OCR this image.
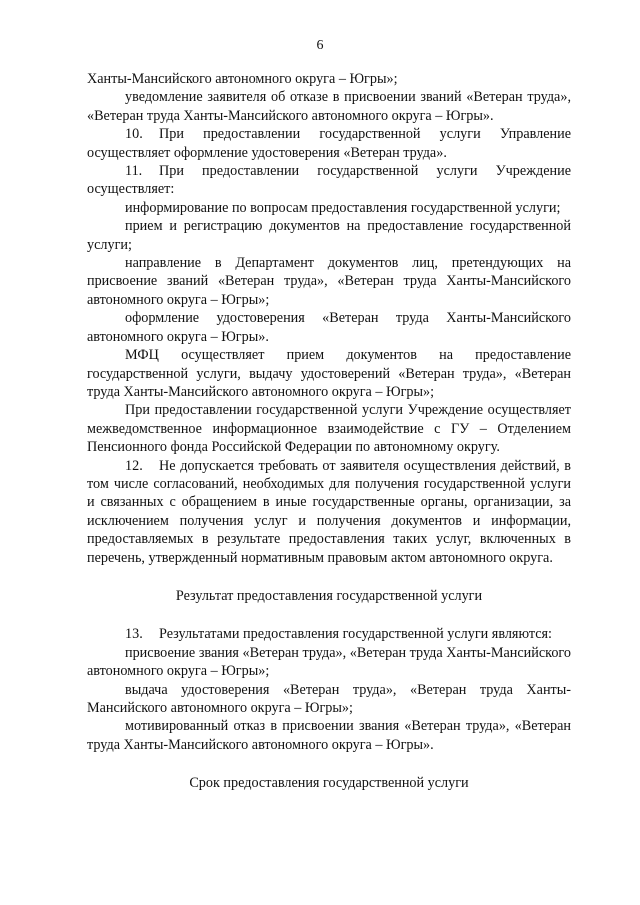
6

Ханты-Мансийского автономного округа – Югры»;

уведомление заявителя об отказе в присвоении званий «Ветеран труда», «Ветеран труда Ханты-Мансийского автономного округа – Югры».

10. При предоставлении государственной услуги Управление осуществляет оформление удостоверения «Ветеран труда».

11. При предоставлении государственной услуги Учреждение осуществляет:

информирование по вопросам предоставления государственной услуги;

прием и регистрацию документов на предоставление государственной услуги;

направление в Департамент документов лиц, претендующих на присвоение званий «Ветеран труда», «Ветеран труда Ханты-Мансийского автономного округа – Югры»;

оформление удостоверения «Ветеран труда Ханты-Мансийского автономного округа – Югры».

МФЦ осуществляет прием документов на предоставление государственной услуги, выдачу удостоверений «Ветеран труда», «Ветеран труда Ханты-Мансийского автономного округа – Югры»;

При предоставлении государственной услуги Учреждение осуществляет межведомственное информационное взаимодействие с ГУ – Отделением Пенсионного фонда Российской Федерации по автономному округу.

12. Не допускается требовать от заявителя осуществления действий, в том числе согласований, необходимых для получения государственной услуги и связанных с обращением в иные государственные органы, организации, за исключением получения услуг и получения документов и информации, предоставляемых в результате предоставления таких услуг, включенных в перечень, утвержденный нормативным правовым актом автономного округа.

Результат предоставления государственной услуги

13. Результатами предоставления государственной услуги являются:

присвоение звания «Ветеран труда», «Ветеран труда Ханты-Мансийского автономного округа – Югры»;

выдача удостоверения «Ветеран труда», «Ветеран труда Ханты-Мансийского автономного округа – Югры»;

мотивированный отказ в присвоении звания «Ветеран труда», «Ветеран труда Ханты-Мансийского автономного округа – Югры».

Срок предоставления государственной услуги
